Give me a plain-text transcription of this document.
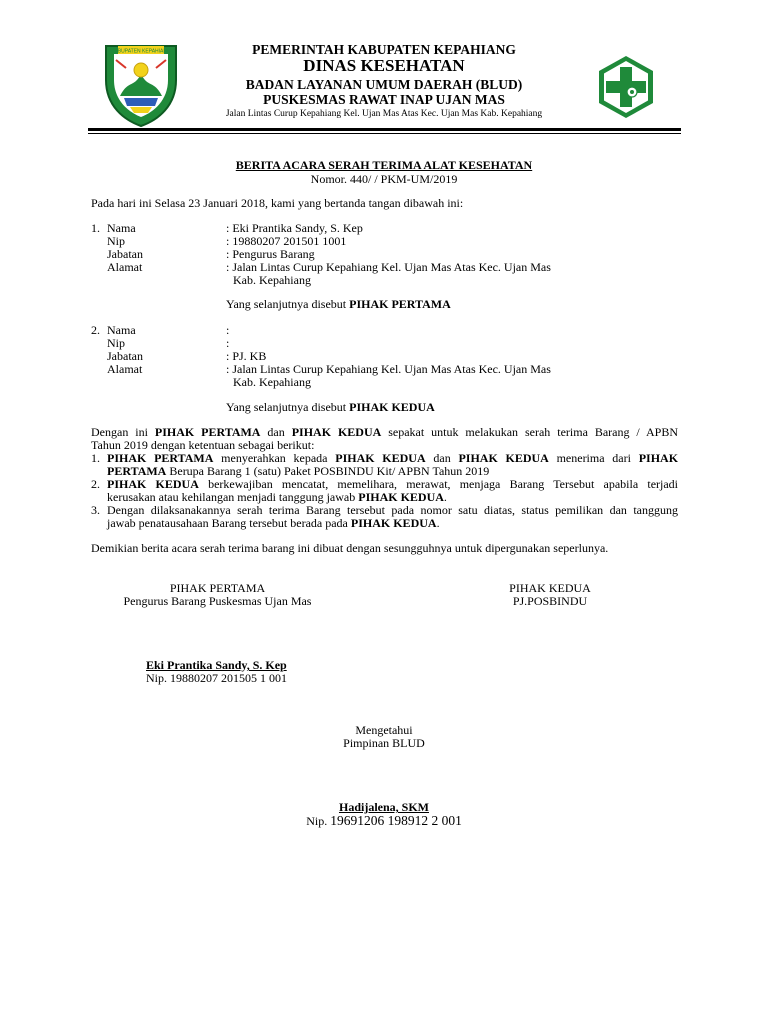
KABUPATEN KEPAHIANG	PEMERINTAH KABUPATEN KEPAHIANG
DINAS KESEHATAN
BADAN LAYANAN UMUM DAERAH (BLUD)
PUSKESMAS RAWAT INAP UJAN MAS
Jalan Lintas Curup Kepahiang Kel. Ujan Mas Atas Kec. Ujan Mas Kab. Kepahiang
BERITA ACARA SERAH TERIMA ALAT KESEHATAN
Nomor. 440/ / PKM-UM/2019
Pada hari ini Selasa 23 Januari 2018, kami yang bertanda tangan dibawah ini:
1. Nama
Nip
Jabatan
Alamat
: Eki Prantika Sandy, S. Kep
: 19880207 201501 1001
: Pengurus Barang
: Jalan Lintas Curup Kepahiang Kel. Ujan Mas Atas Kec. Ujan Mas
Kab. Kepahiang
Yang selanjutnya disebut PIHAK PERTAMA
2. Nama
Nip
Jabatan
Alamat
:
:
: PJ. KB
: Jalan Lintas Curup Kepahiang Kel. Ujan Mas Atas Kec. Ujan Mas
Kab. Kepahiang
Yang selanjutnya disebut PIHAK KEDUA
Dengan ini PIHAK PERTAMA dan PIHAK KEDUA sepakat untuk melakukan serah terima Barang / APBN
Tahun 2019 dengan ketentuan sebagai berikut:
1. PIHAK PERTAMA menyerahkan kepada PIHAK KEDUA dan PIHAK KEDUA menerima dari PIHAK
PERTAMA Berupa Barang 1 (satu) Paket POSBINDU Kit/ APBN Tahun 2019
2. PIHAK KEDUA berkewajiban mencatat, memelihara, merawat, menjaga Barang Tersebut apabila terjadi
kerusakan atau kehilangan menjadi tanggung jawab PIHAK KEDUA.
3. Dengan dilaksanakannya serah terima Barang tersebut pada nomor satu diatas, status pemilikan dan tanggung
jawab penatausahaan Barang tersebut berada pada PIHAK KEDUA.
Demikian berita acara serah terima barang ini dibuat dengan sesungguhnya untuk dipergunakan seperlunya.
PIHAK PERTAMA
Pengurus Barang Puskesmas Ujan Mas
PIHAK KEDUA
PJ.POSBINDU
Eki Prantika Sandy, S. Kep
Nip. 19880207 201505 1 001
Mengetahui
Pimpinan BLUD
Hadijalena, SKM
Nip. 19691206 198912 2 001
